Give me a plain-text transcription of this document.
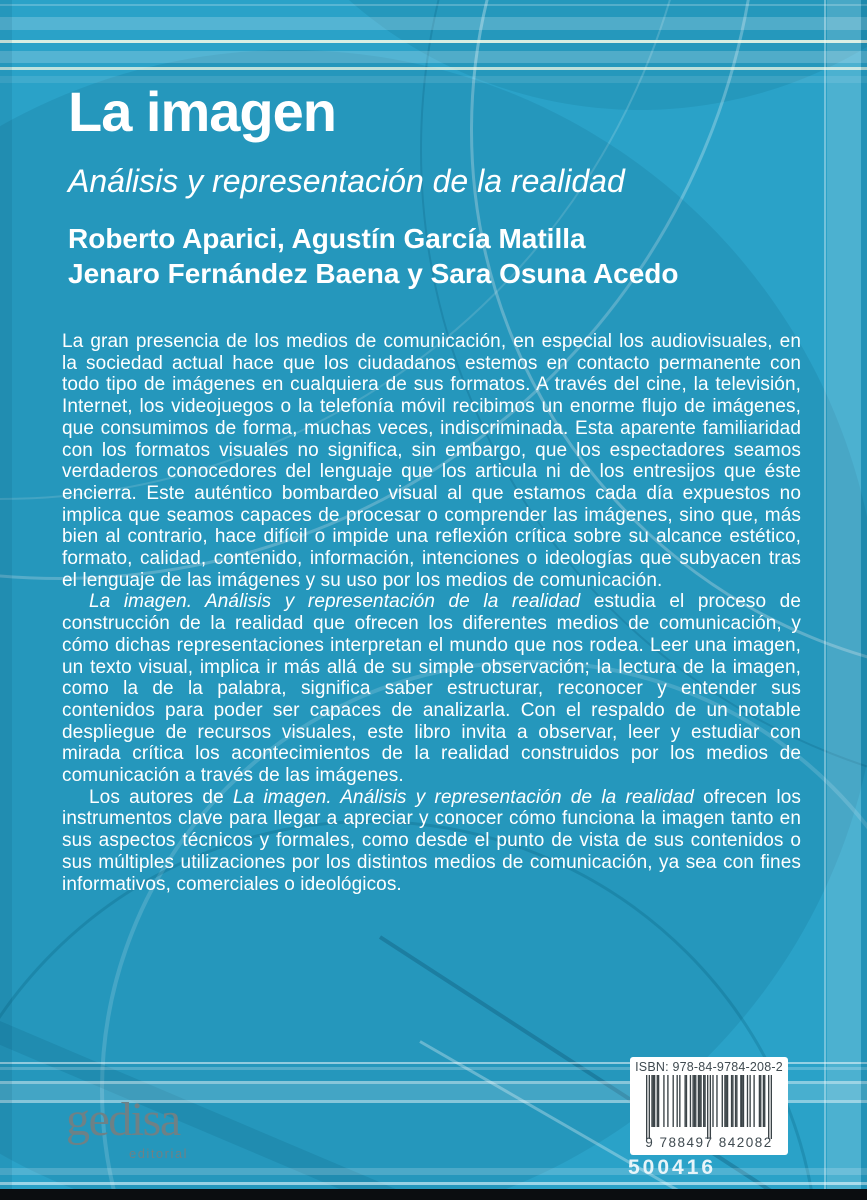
La imagen
Análisis y representación de la realidad

Roberto Aparici, Agustín García Matilla

Jenaro Fernández Baena y Sara Osuna Acedo

La gran presencia de los medios de comunicación, en especial los audiovisuales, en la sociedad actual hace que los ciudadanos estemos en contacto permanente con todo tipo de imágenes en cualquiera de sus formatos. A través del cine, la televisión, Internet, los videojuegos o la telefonía móvil recibimos un enorme flujo de imágenes, que consumimos de forma, muchas veces, indiscriminada. Esta aparente familiaridad con los formatos visuales no significa, sin embargo, que los espectadores seamos verdaderos conocedores del lenguaje que los articula ni de los entresijos que éste encierra. Este auténtico bombardeo visual al que estamos cada día expuestos no implica que seamos capaces de procesar o comprender las imágenes, sino que, más bien al contrario, hace difícil o impide una reflexión crítica sobre su alcance estético, formato, calidad, contenido, información, intenciones o ideologías que subyacen tras el lenguaje de las imágenes y su uso por los medios de comunicación.

La imagen. Análisis y representación de la realidad estudia el proceso de construcción de la realidad que ofrecen los diferentes medios de comunicación, y cómo dichas representaciones interpretan el mundo que nos rodea. Leer una imagen, un texto visual, implica ir más allá de su simple observación; la lectura de la imagen, como la de la palabra, significa saber estructurar, reconocer y entender sus contenidos para poder ser capaces de analizarla. Con el respaldo de un notable despliegue de recursos visuales, este libro invita a observar, leer y estudiar con mirada crítica los acontecimientos de la realidad construidos por los medios de comunicación a través de las imágenes.

Los autores de La imagen. Análisis y representación de la realidad ofrecen los instrumentos clave para llegar a apreciar y conocer cómo funciona la imagen tanto en sus aspectos técnicos y formales, como desde el punto de vista de sus contenidos o sus múltiples utilizaciones por los distintos medios de comunicación, ya sea con fines informativos, comerciales o ideológicos.

gedisa
editorial
ISBN: 978-84-9784-208-2
9 788497 842082
500416
